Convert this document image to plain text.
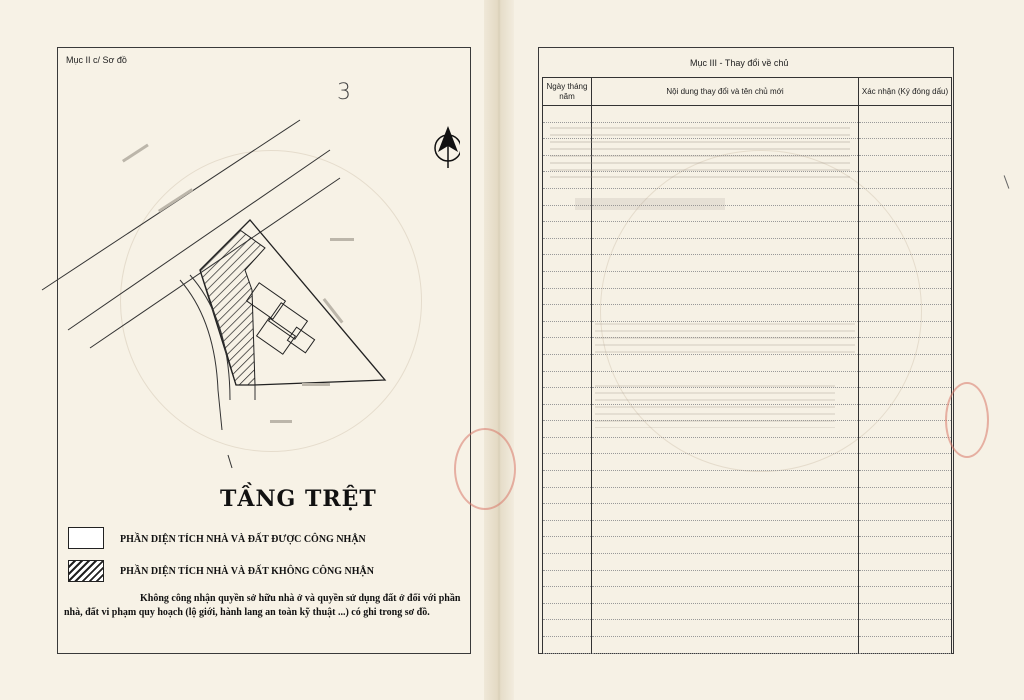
Mục II c/ Sơ đồ
3
TẦNG TRỆT
PHẦN DIỆN TÍCH NHÀ VÀ ĐẤT ĐƯỢC CÔNG NHẬN
PHẦN DIỆN TÍCH NHÀ VÀ ĐẤT KHÔNG CÔNG NHẬN
Không công nhận quyền sở hữu nhà ở và quyền sử dụng đất ở đối với phần nhà, đất vi phạm quy hoạch (lộ giới, hành lang an toàn kỹ thuật ...) có ghi trong sơ đồ.
Mục III - Thay đổi về chủ
Ngày tháng năm	Nội dung thay đổi và tên chủ mới	Xác nhận (Ký đóng dấu)
